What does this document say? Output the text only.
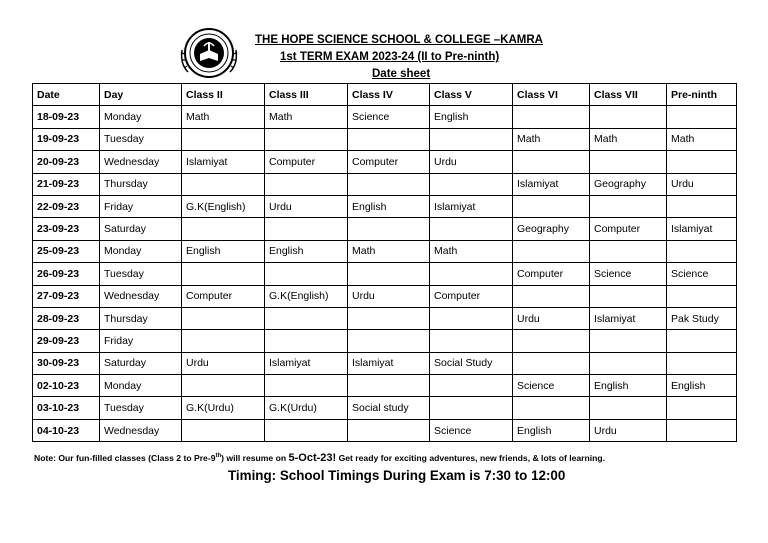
THE HOPE SCIENCE SCHOOL & COLLEGE –KAMRA
1st TERM EXAM 2023-24 (II to Pre-ninth)
Date sheet
Date	Day	Class II	Class III	Class IV	Class V	Class VI	Class VII	Pre-ninth
18-09-23	Monday	Math	Math	Science	English			
19-09-23	Tuesday					Math	Math	Math
20-09-23	Wednesday	Islamiyat	Computer	Computer	Urdu			
21-09-23	Thursday					Islamiyat	Geography	Urdu
22-09-23	Friday	G.K(English)	Urdu	English	Islamiyat			
23-09-23	Saturday					Geography	Computer	Islamiyat
25-09-23	Monday	English	English	Math	Math			
26-09-23	Tuesday					Computer	Science	Science
27-09-23	Wednesday	Computer	G.K(English)	Urdu	Computer			
28-09-23	Thursday					Urdu	Islamiyat	Pak Study
29-09-23	Friday							
30-09-23	Saturday	Urdu	Islamiyat	Islamiyat	Social Study			
02-10-23	Monday					Science	English	English
03-10-23	Tuesday	G.K(Urdu)	G.K(Urdu)	Social study				
04-10-23	Wednesday				Science	English	Urdu	
Note: Our fun-filled classes (Class 2 to Pre-9th) will resume on 5-Oct-23! Get ready for exciting adventures, new friends, & lots of learning.
Timing: School Timings During Exam is 7:30 to 12:00
